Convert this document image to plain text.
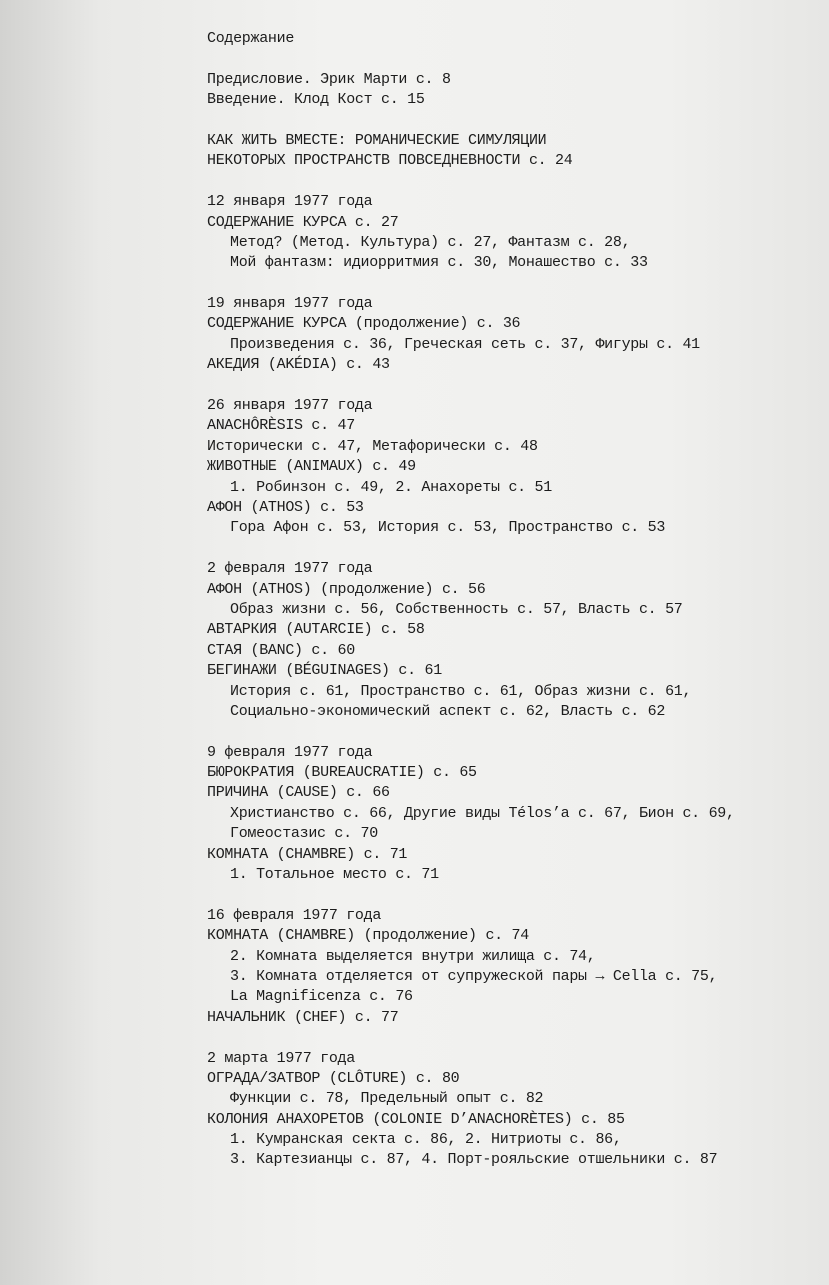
Содержание
Предисловие. Эрик Марти с. 8
Введение. Клод Кост с. 15
КАК ЖИТЬ ВМЕСТЕ: РОМАНИЧЕСКИЕ СИМУЛЯЦИИ
НЕКОТОРЫХ ПРОСТРАНСТВ ПОВСЕДНЕВНОСТИ с. 24
12 января 1977 года
СОДЕРЖАНИЕ КУРСА с. 27
Метод? (Метод. Культура) с. 27, Фантазм с. 28,
Мой фантазм: идиорритмия с. 30, Монашество с. 33
19 января 1977 года
СОДЕРЖАНИЕ КУРСА (продолжение) с. 36
Произведения с. 36, Греческая сеть с. 37, Фигуры с. 41
АКЕДИЯ (AKÉDIA) с. 43
26 января 1977 года
ANACHÔRÈSIS с. 47
Исторически с. 47, Метафорически с. 48
ЖИВОТНЫЕ (ANIMAUX) с. 49
1. Робинзон с. 49, 2. Анахореты с. 51
АФОН (ATHOS) с. 53
Гора Афон с. 53, История с. 53, Пространство с. 53
2 февраля 1977 года
АФОН (ATHOS) (продолжение) с. 56
Образ жизни с. 56, Собственность с. 57, Власть с. 57
АВТАРКИЯ (AUTARCIE) с. 58
СТАЯ (BANC) с. 60
БЕГИНАЖИ (BÉGUINAGES) с. 61
История с. 61, Пространство с. 61, Образ жизни с. 61,
Социально-экономический аспект с. 62, Власть с. 62
9 февраля 1977 года
БЮРОКРАТИЯ (BUREAUCRATIE) с. 65
ПРИЧИНА (CAUSE) с. 66
Христианство с. 66, Другие виды Télos’а с. 67, Бион с. 69,
Гомеостазис с. 70
КОМНАТА (CHAMBRE) с. 71
1. Тотальное место с. 71
16 февраля 1977 года
КОМНАТА (CHAMBRE) (продолжение) с. 74
2. Комната выделяется внутри жилища с. 74,
3. Комната отделяется от супружеской пары → Cella с. 75,
La Magnificenza с. 76
НАЧАЛЬНИК (CHEF) с. 77
2 марта 1977 года
ОГРАДА/ЗАТВОР (CLÔTURE) с. 80
Функции с. 78, Предельный опыт с. 82
КОЛОНИЯ АНАХОРЕТОВ (COLONIE D’ANACHORÈTES) с. 85
1. Кумранская секта с. 86, 2. Нитриоты с. 86,
3. Картезианцы с. 87, 4. Порт-рояльские отшельники с. 87
